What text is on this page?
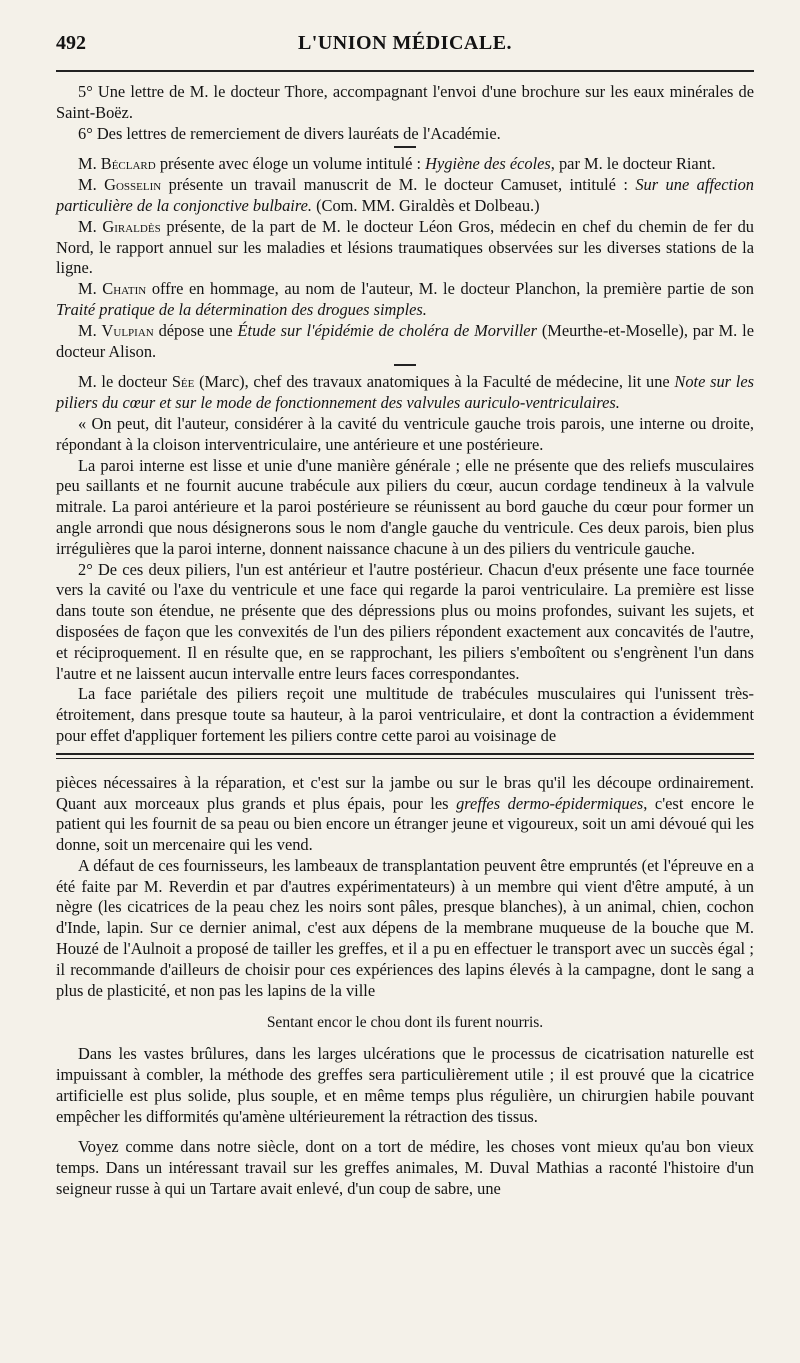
L'UNION MÉDICALE.
492

5° Une lettre de M. le docteur Thore, accompagnant l'envoi d'une brochure sur les eaux minérales de Saint-Boëz.

6° Des lettres de remerciement de divers lauréats de l'Académie.

M. Béclard présente avec éloge un volume intitulé : Hygiène des écoles, par M. le docteur Riant.

M. Gosselin présente un travail manuscrit de M. le docteur Camuset, intitulé : Sur une affection particulière de la conjonctive bulbaire. (Com. MM. Giraldès et Dolbeau.)

M. Giraldès présente, de la part de M. le docteur Léon Gros, médecin en chef du chemin de fer du Nord, le rapport annuel sur les maladies et lésions traumatiques observées sur les diverses stations de la ligne.

M. Chatin offre en hommage, au nom de l'auteur, M. le docteur Planchon, la première partie de son Traité pratique de la détermination des drogues simples.

M. Vulpian dépose une Étude sur l'épidémie de choléra de Morviller (Meurthe-et-Moselle), par M. le docteur Alison.

M. le docteur Sée (Marc), chef des travaux anatomiques à la Faculté de médecine, lit une Note sur les piliers du cœur et sur le mode de fonctionnement des valvules auriculo-ventriculaires.

« On peut, dit l'auteur, considérer à la cavité du ventricule gauche trois parois, une interne ou droite, répondant à la cloison interventriculaire, une antérieure et une postérieure.

La paroi interne est lisse et unie d'une manière générale ; elle ne présente que des reliefs musculaires peu saillants et ne fournit aucune trabécule aux piliers du cœur, aucun cordage tendineux à la valvule mitrale. La paroi antérieure et la paroi postérieure se réunissent au bord gauche du cœur pour former un angle arrondi que nous désignerons sous le nom d'angle gauche du ventricule. Ces deux parois, bien plus irrégulières que la paroi interne, donnent naissance chacune à un des piliers du ventricule gauche.

2° De ces deux piliers, l'un est antérieur et l'autre postérieur. Chacun d'eux présente une face tournée vers la cavité ou l'axe du ventricule et une face qui regarde la paroi ventriculaire. La première est lisse dans toute son étendue, ne présente que des dépressions plus ou moins profondes, suivant les sujets, et disposées de façon que les convexités de l'un des piliers répondent exactement aux concavités de l'autre, et réciproquement. Il en résulte que, en se rapprochant, les piliers s'emboîtent ou s'engrènent l'un dans l'autre et ne laissent aucun intervalle entre leurs faces correspondantes.

La face pariétale des piliers reçoit une multitude de trabécules musculaires qui l'unissent très-étroitement, dans presque toute sa hauteur, à la paroi ventriculaire, et dont la contraction a évidemment pour effet d'appliquer fortement les piliers contre cette paroi au voisinage de

pièces nécessaires à la réparation, et c'est sur la jambe ou sur le bras qu'il les découpe ordinairement. Quant aux morceaux plus grands et plus épais, pour les greffes dermo-épidermiques, c'est encore le patient qui les fournit de sa peau ou bien encore un étranger jeune et vigoureux, soit un ami dévoué qui les donne, soit un mercenaire qui les vend.

A défaut de ces fournisseurs, les lambeaux de transplantation peuvent être empruntés (et l'épreuve en a été faite par M. Reverdin et par d'autres expérimentateurs) à un membre qui vient d'être amputé, à un nègre (les cicatrices de la peau chez les noirs sont pâles, presque blanches), à un animal, chien, cochon d'Inde, lapin. Sur ce dernier animal, c'est aux dépens de la membrane muqueuse de la bouche que M. Houzé de l'Aulnoit a proposé de tailler les greffes, et il a pu en effectuer le transport avec un succès égal ; il recommande d'ailleurs de choisir pour ces expériences des lapins élevés à la campagne, dont le sang a plus de plasticité, et non pas les lapins de la ville

Sentant encor le chou dont ils furent nourris.

Dans les vastes brûlures, dans les larges ulcérations que le processus de cicatrisation naturelle est impuissant à combler, la méthode des greffes sera particulièrement utile ; il est prouvé que la cicatrice artificielle est plus solide, plus souple, et en même temps plus régulière, un chirurgien habile pouvant empêcher les difformités qu'amène ultérieurement la rétraction des tissus.

Voyez comme dans notre siècle, dont on a tort de médire, les choses vont mieux qu'au bon vieux temps. Dans un intéressant travail sur les greffes animales, M. Duval Mathias a raconté l'histoire d'un seigneur russe à qui un Tartare avait enlevé, d'un coup de sabre, une
